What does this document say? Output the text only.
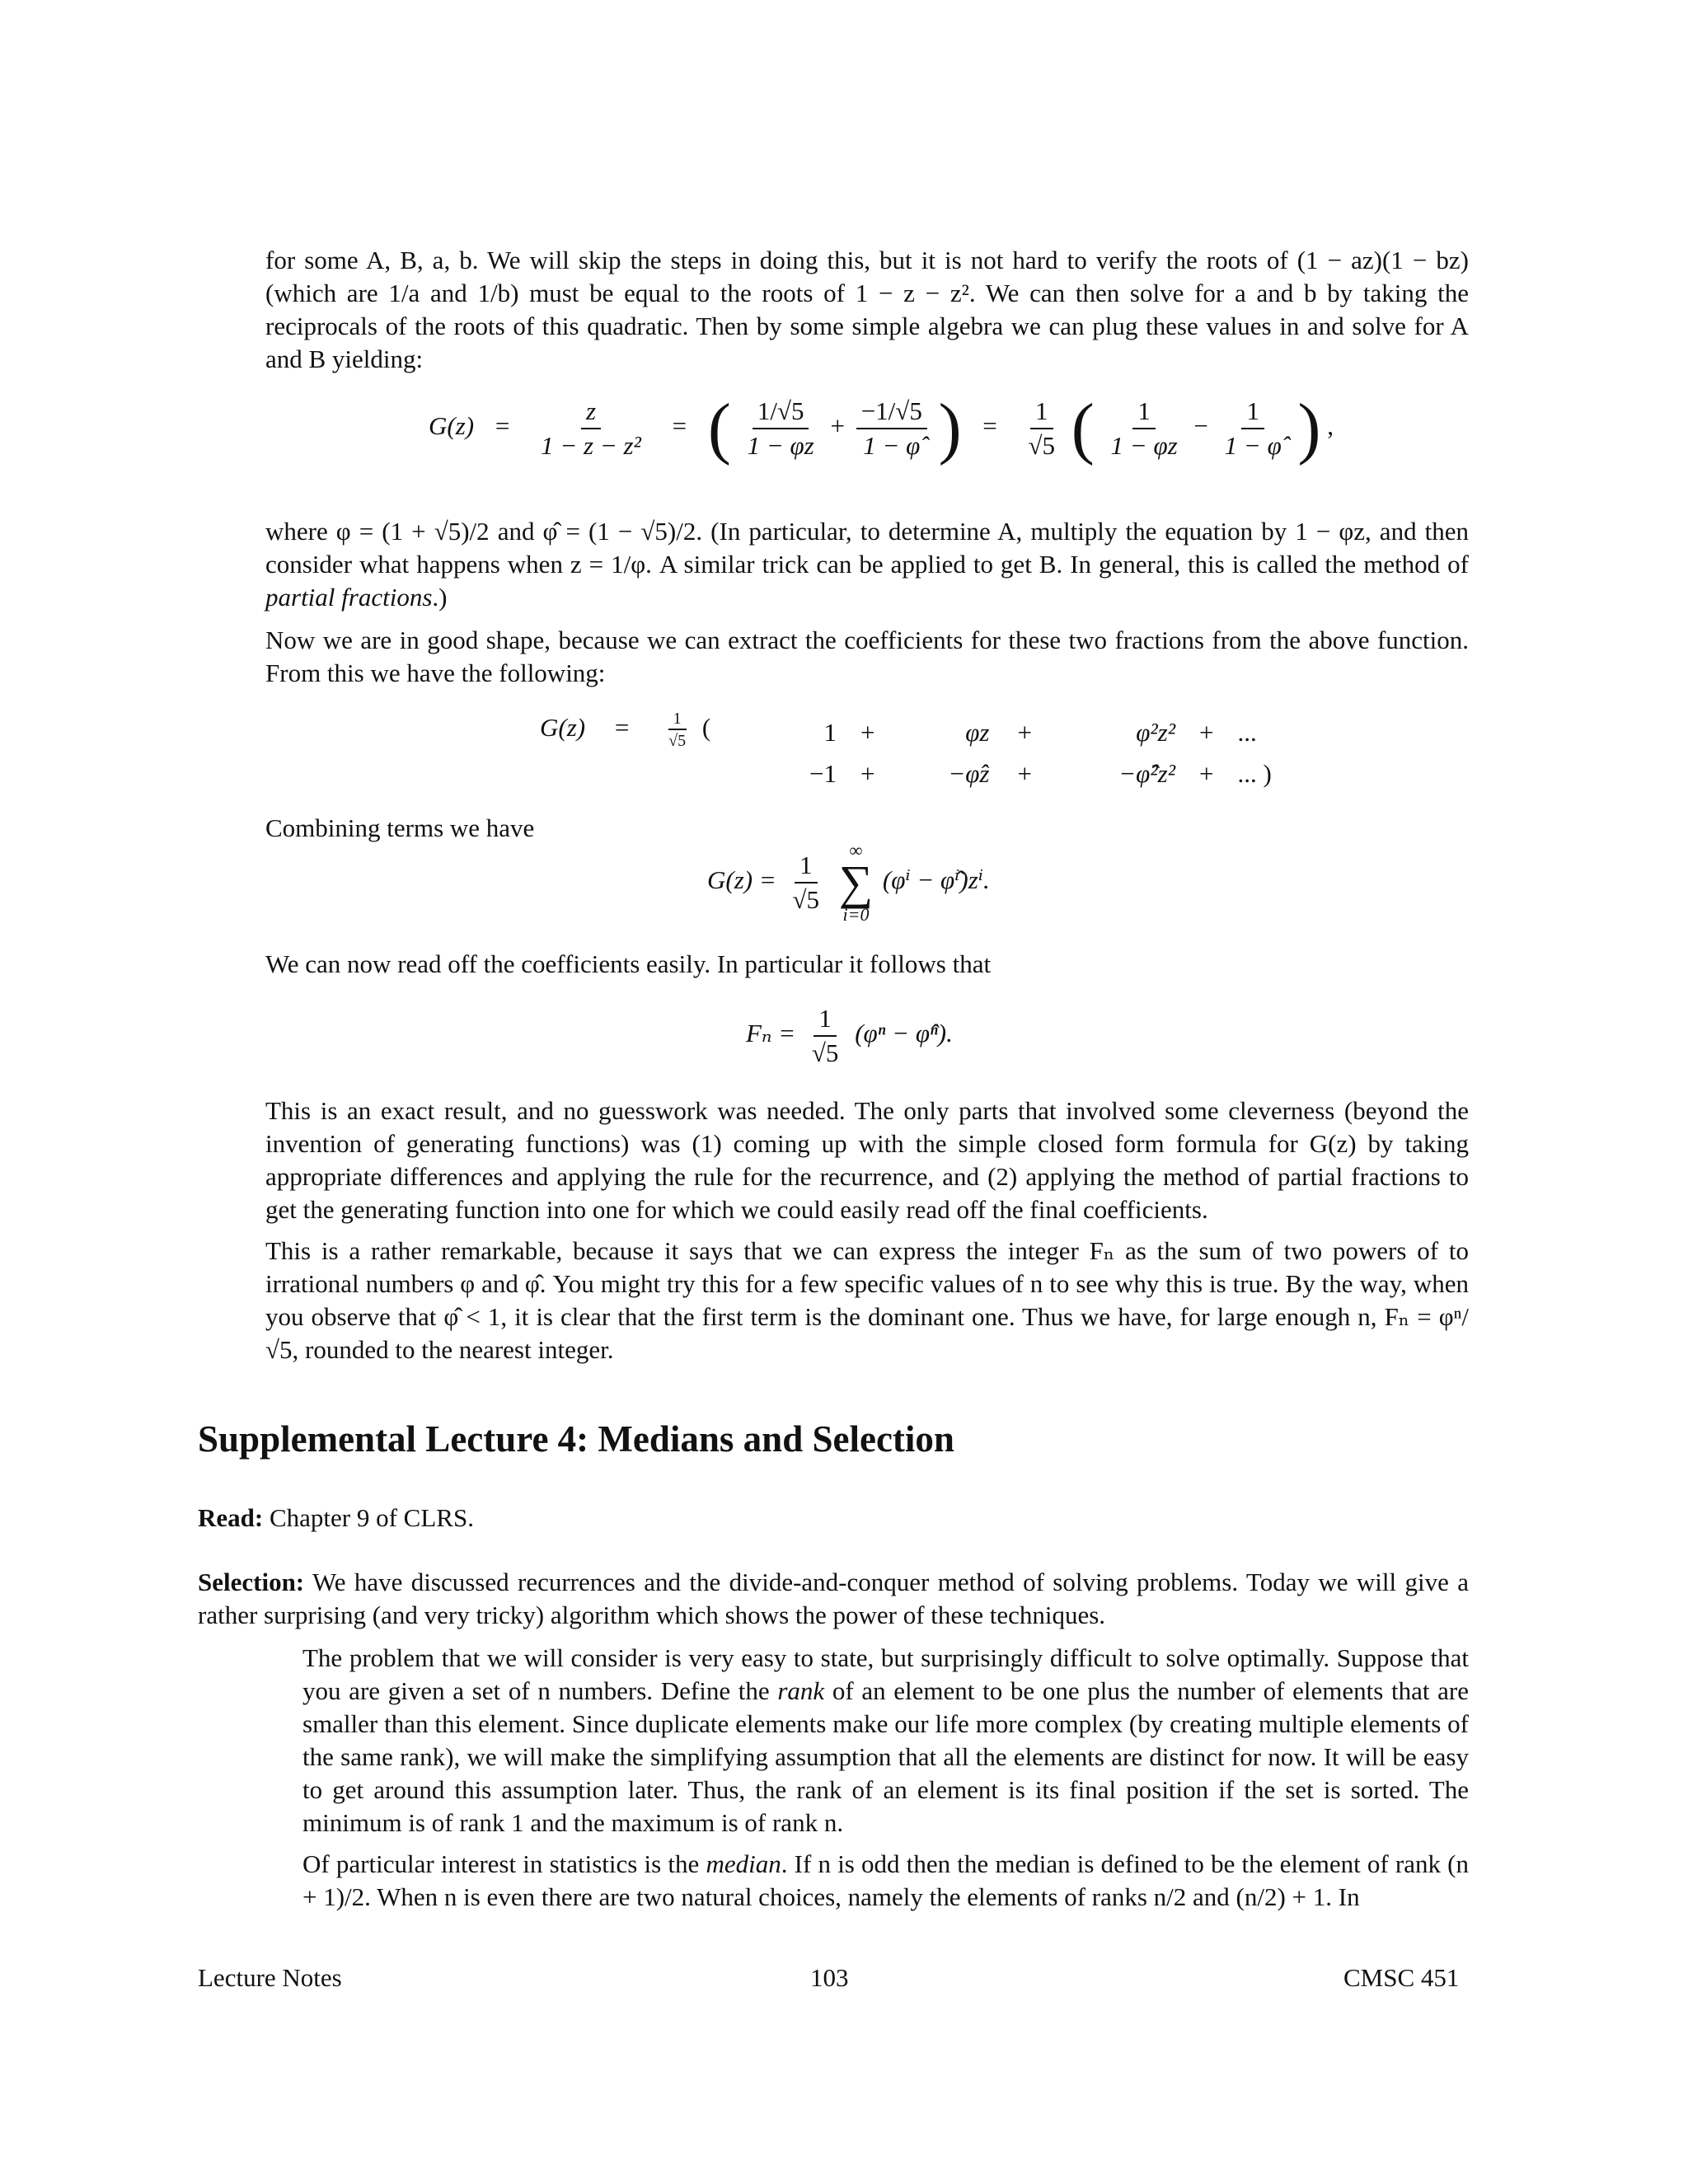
for some A, B, a, b. We will skip the steps in doing this, but it is not hard to verify the roots of (1 − az)(1 − bz) (which are 1/a and 1/b) must be equal to the roots of 1 − z − z². We can then solve for a and b by taking the reciprocals of the roots of this quadratic. Then by some simple algebra we can plug these values in and solve for A and B yielding:

$G(z) = \frac{z}{\text{1 − z − z²}}$ = ( $\frac{1/√5}{1 - \varphi z} + \frac{-1/√5}{1 - \varphî}$ ) = $\frac{1}{√5}$ ( $\frac{1}{1 - \varphi z} - \frac{1}{1 - \varphî}$ ) ,

where φ = (1 + √5)/2 and φ̂ = (1 − √5)/2. (In particular, to determine A, multiply the equation by 1 − φz, and then consider what happens when z = 1/φ. A similar trick can be applied to get B. In general, this is called the method of partial fractions.)

Now we are in good shape, because we can extract the coefficients for these two fractions from the above function. From this we have the following:

$G(z) = \frac{1}{√5}$ (	1 +	φz +	φ²z² + ...
−1 +	−φ̂z +	−φ̂²z² + ... )

Combining terms we have

$G(z) = \frac{1}{√5}$

∞
∑
i=0
(φⁱ − φ̂ⁱ)zⁱ.

We can now read off the coefficients easily. In particular it follows that

$F_n = \frac{1}{√5} (\varphi^n$ − φ̂ⁿ).

This is an exact result, and no guesswork was needed. The only parts that involved some cleverness (beyond the invention of generating functions) was (1) coming up with the simple closed form formula for G(z) by taking appropriate differences and applying the rule for the recurrence, and (2) applying the method of partial fractions to get the generating function into one for which we could easily read off the final coefficients.

This is a rather remarkable, because it says that we can express the integer Fₙ as the sum of two powers of to irrational numbers φ and φ̂. You might try this for a few specific values of n to see why this is true. By the way, when you observe that φ̂ < 1, it is clear that the first term is the dominant one. Thus we have, for large enough n, Fₙ = φⁿ/√5, rounded to the nearest integer.

Supplemental Lecture 4: Medians and Selection

Read: Chapter 9 of CLRS.

Selection: We have discussed recurrences and the divide-and-conquer method of solving problems. Today we will give a rather surprising (and very tricky) algorithm which shows the power of these techniques.

The problem that we will consider is very easy to state, but surprisingly difficult to solve optimally. Suppose that you are given a set of n numbers. Define the rank of an element to be one plus the number of elements that are smaller than this element. Since duplicate elements make our life more complex (by creating multiple elements of the same rank), we will make the simplifying assumption that all the elements are distinct for now. It will be easy to get around this assumption later. Thus, the rank of an element is its final position if the set is sorted. The minimum is of rank 1 and the maximum is of rank n.

Of particular interest in statistics is the median. If n is odd then the median is defined to be the element of rank (n + 1)/2. When n is even there are two natural choices, namely the elements of ranks n/2 and (n/2) + 1. In

Lecture Notes	103	CMSC 451
